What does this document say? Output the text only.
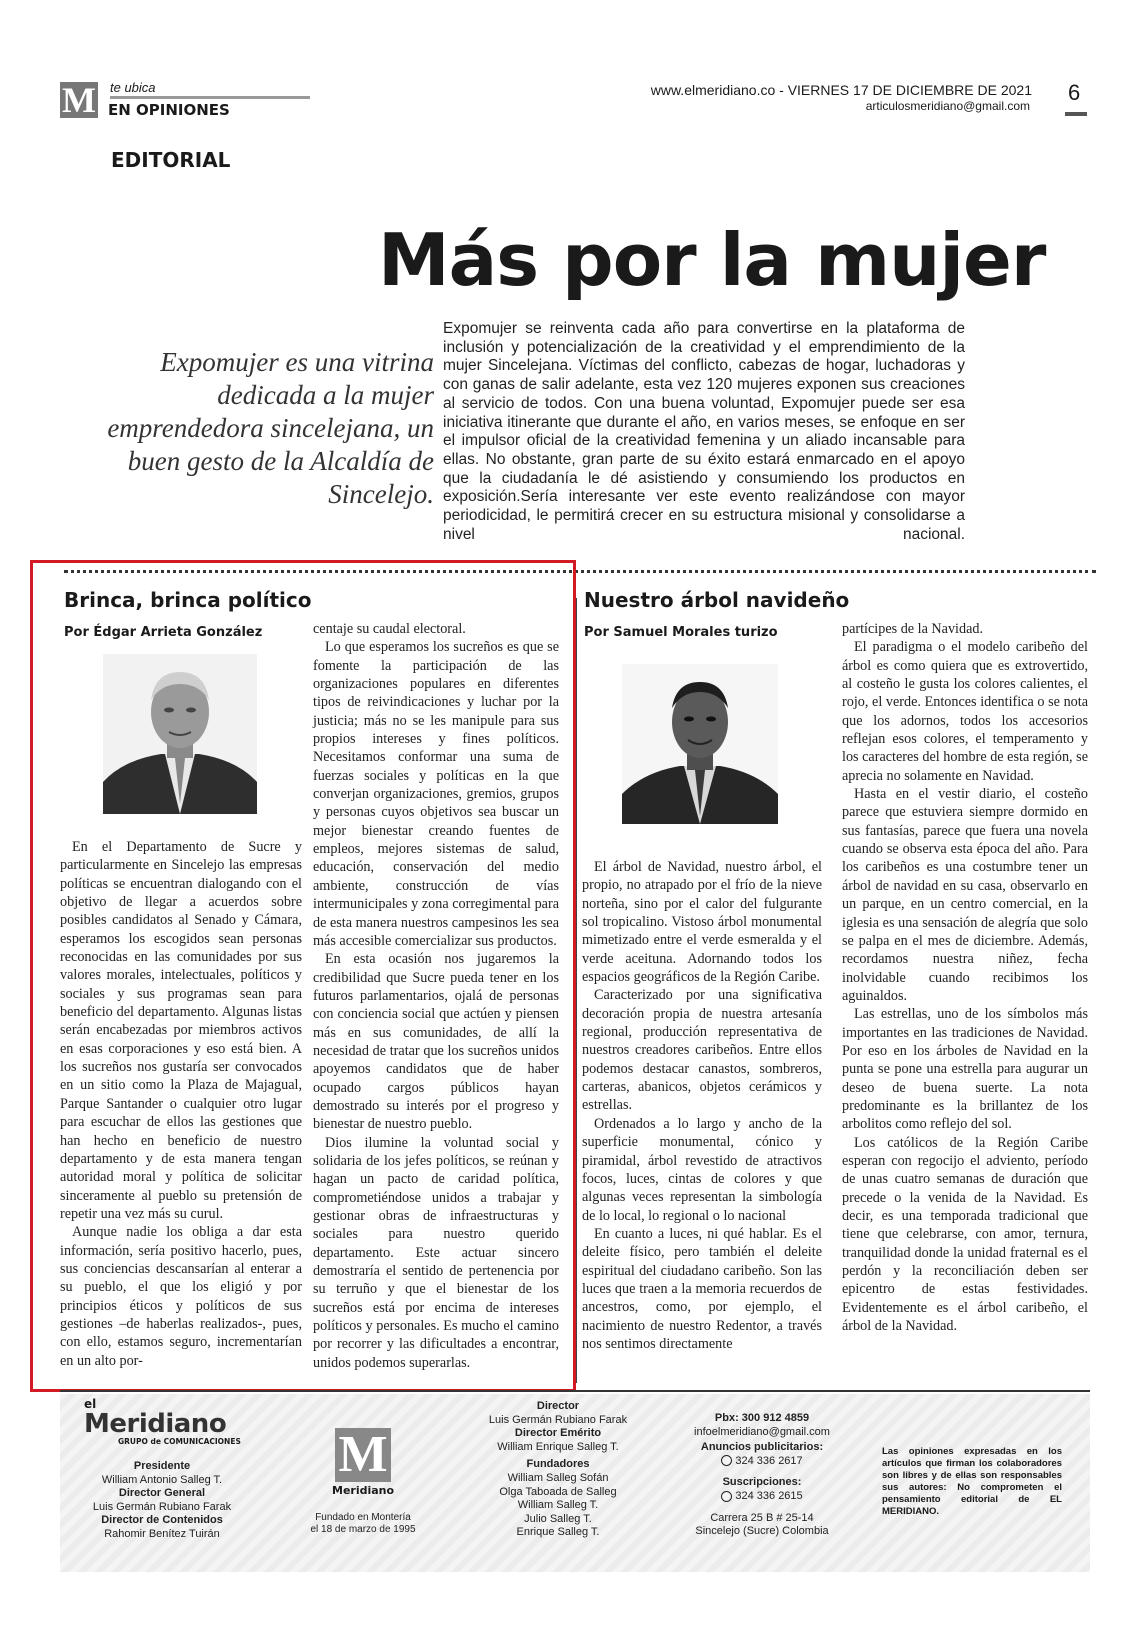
M te ubica
EN OPINIONES
www.elmeridiano.co - VIERNES 17 DE DICIEMBRE DE 2021
articulosmeridiano@gmail.com
6
EDITORIAL
Más por la mujer
Expomujer es una vitrina
dedicada a la mujer
emprendedora sincelejana, un
buen gesto de la Alcaldía de
Sincelejo.
Expomujer se reinventa cada año para convertirse en la plataforma de inclusión y potencialización de la creatividad y el emprendimiento de la mujer Sincelejana. Víctimas del conflicto, cabezas de hogar, luchadoras y con ganas de salir adelante, esta vez 120 mujeres exponen sus creaciones al servicio de todos. Con una buena voluntad, Expomujer puede ser esa iniciativa itinerante que durante el año, en varios meses, se enfoque en ser el impulsor oficial de la creatividad femenina y un aliado incansable para ellas. No obstante, gran parte de su éxito estará enmarcado en el apoyo que la ciudadanía le dé asistiendo y consumiendo los productos en exposición.Sería interesante ver este evento realizándose con mayor periodicidad, le permitirá crecer en su estructura misional y consolidarse a nivel nacional.
Brinca, brinca político
Por Édgar Arrieta González

En el Departamento de Sucre y particularmente en Sincelejo las empresas políticas se encuentran dialogando con el objetivo de llegar a acuerdos sobre posibles candidatos al Senado y Cámara, esperamos los escogidos sean personas reconocidas en las comunidades por sus valores morales, intelectuales, políticos y sociales y sus programas sean para beneficio del departamento. Algunas listas serán encabezadas por miembros activos en esas corporaciones y eso está bien. A los sucreños nos gustaría ser convocados en un sitio como la Plaza de Majagual, Parque Santander o cualquier otro lugar para escuchar de ellos las gestiones que han hecho en beneficio de nuestro departamento y de esta manera tengan autoridad moral y política de solicitar sinceramente al pueblo su pretensión de repetir una vez más su curul.

Aunque nadie los obliga a dar esta información, sería positivo hacerlo, pues, sus conciencias descansarían al enterar a su pueblo, el que los eligió y por principios éticos y políticos de sus gestiones –de haberlas realizados-, pues, con ello, estamos seguro, incrementarían en un alto por-

centaje su caudal electoral.

Lo que esperamos los sucreños es que se fomente la participación de las organizaciones populares en diferentes tipos de reivindicaciones y luchar por la justicia; más no se les manipule para sus propios intereses y fines políticos. Necesitamos conformar una suma de fuerzas sociales y políticas en la que converjan organizaciones, gremios, grupos y personas cuyos objetivos sea buscar un mejor bienestar creando fuentes de empleos, mejores sistemas de salud, educación, conservación del medio ambiente, construcción de vías intermunicipales y zona corregimental para de esta manera nuestros campesinos les sea más accesible comercializar sus productos.

En esta ocasión nos jugaremos la credibilidad que Sucre pueda tener en los futuros parlamentarios, ojalá de personas con conciencia social que actúen y piensen más en sus comunidades, de allí la necesidad de tratar que los sucreños unidos apoyemos candidatos que de haber ocupado cargos públicos hayan demostrado su interés por el progreso y bienestar de nuestro pueblo.

Dios ilumine la voluntad social y solidaria de los jefes políticos, se reúnan y hagan un pacto de caridad política, comprometiéndose unidos a trabajar y gestionar obras de infraestructuras y sociales para nuestro querido departamento. Este actuar sincero demostraría el sentido de pertenencia por su terruño y que el bienestar de los sucreños está por encima de intereses políticos y personales. Es mucho el camino por recorrer y las dificultades a encontrar, unidos podemos superarlas.

Nuestro árbol navideño
Por Samuel Morales turizo

El árbol de Navidad, nuestro árbol, el propio, no atrapado por el frío de la nieve norteña, sino por el calor del fulgurante sol tropicalino. Vistoso árbol monumental mimetizado entre el verde esmeralda y el verde aceituna. Adornando todos los espacios geográficos de la Región Caribe.

Caracterizado por una significativa decoración propia de nuestra artesanía regional, producción representativa de nuestros creadores caribeños. Entre ellos podemos destacar canastos, sombreros, carteras, abanicos, objetos cerámicos y estrellas.

Ordenados a lo largo y ancho de la superficie monumental, cónico y piramidal, árbol revestido de atractivos focos, luces, cintas de colores y que algunas veces representan la simbología de lo local, lo regional o lo nacional

En cuanto a luces, ni qué hablar. Es el deleite físico, pero también el deleite espiritual del ciudadano caribeño. Son las luces que traen a la memoria recuerdos de ancestros, como, por ejemplo, el nacimiento de nuestro Redentor, a través nos sentimos directamente

partícipes de la Navidad.

El paradigma o el modelo caribeño del árbol es como quiera que es extrovertido, al costeño le gusta los colores calientes, el rojo, el verde. Entonces identifica o se nota que los adornos, todos los accesorios reflejan esos colores, el temperamento y los caracteres del hombre de esta región, se aprecia no solamente en Navidad.

Hasta en el vestir diario, el costeño parece que estuviera siempre dormido en sus fantasías, parece que fuera una novela cuando se observa esta época del año. Para los caribeños es una costumbre tener un árbol de navidad en su casa, observarlo en un parque, en un centro comercial, en la iglesia es una sensación de alegría que solo se palpa en el mes de diciembre. Además, recordamos nuestra niñez, fecha inolvidable cuando recibimos los aguinaldos.

Las estrellas, uno de los símbolos más importantes en las tradiciones de Navidad. Por eso en los árboles de Navidad en la punta se pone una estrella para augurar un deseo de buena suerte. La nota predominante es la brillantez de los arbolitos como reflejo del sol.

Los católicos de la Región Caribe esperan con regocijo el adviento, período de unas cuatro semanas de duración que precede o la venida de la Navidad. Es decir, es una temporada tradicional que tiene que celebrarse, con amor, ternura, tranquilidad donde la unidad fraternal es el perdón y la reconciliación deben ser epicentro de estas festividades. Evidentemente es el árbol caribeño, el árbol de la Navidad.

el
Meridiano
GRUPO de COMUNICACIONES
Presidente
William Antonio Salleg T.
Director General
Luis Germán Rubiano Farak
Director de Contenidos
Rahomir Benítez Tuirán
M
Meridiano
Fundado en Montería
el 18 de marzo de 1995
Director
Luis Germán Rubiano Farak
Director Emérito
William Enrique Salleg T.
Fundadores
William Salleg Sofán
Olga Taboada de Salleg
William Salleg T.
Julio Salleg T.
Enrique Salleg T.
Pbx: 300 912 4859
infoelmeridiano@gmail.com
Anuncios publicitarios:
324 336 2617
Suscripciones:
324 336 2615
Carrera 25 B # 25-14
Sincelejo (Sucre) Colombia
Las opiniones expresadas en los artículos que firman los colaboradores son libres y de ellas son responsables sus autores: No comprometen el pensamiento editorial de EL MERIDIANO.
